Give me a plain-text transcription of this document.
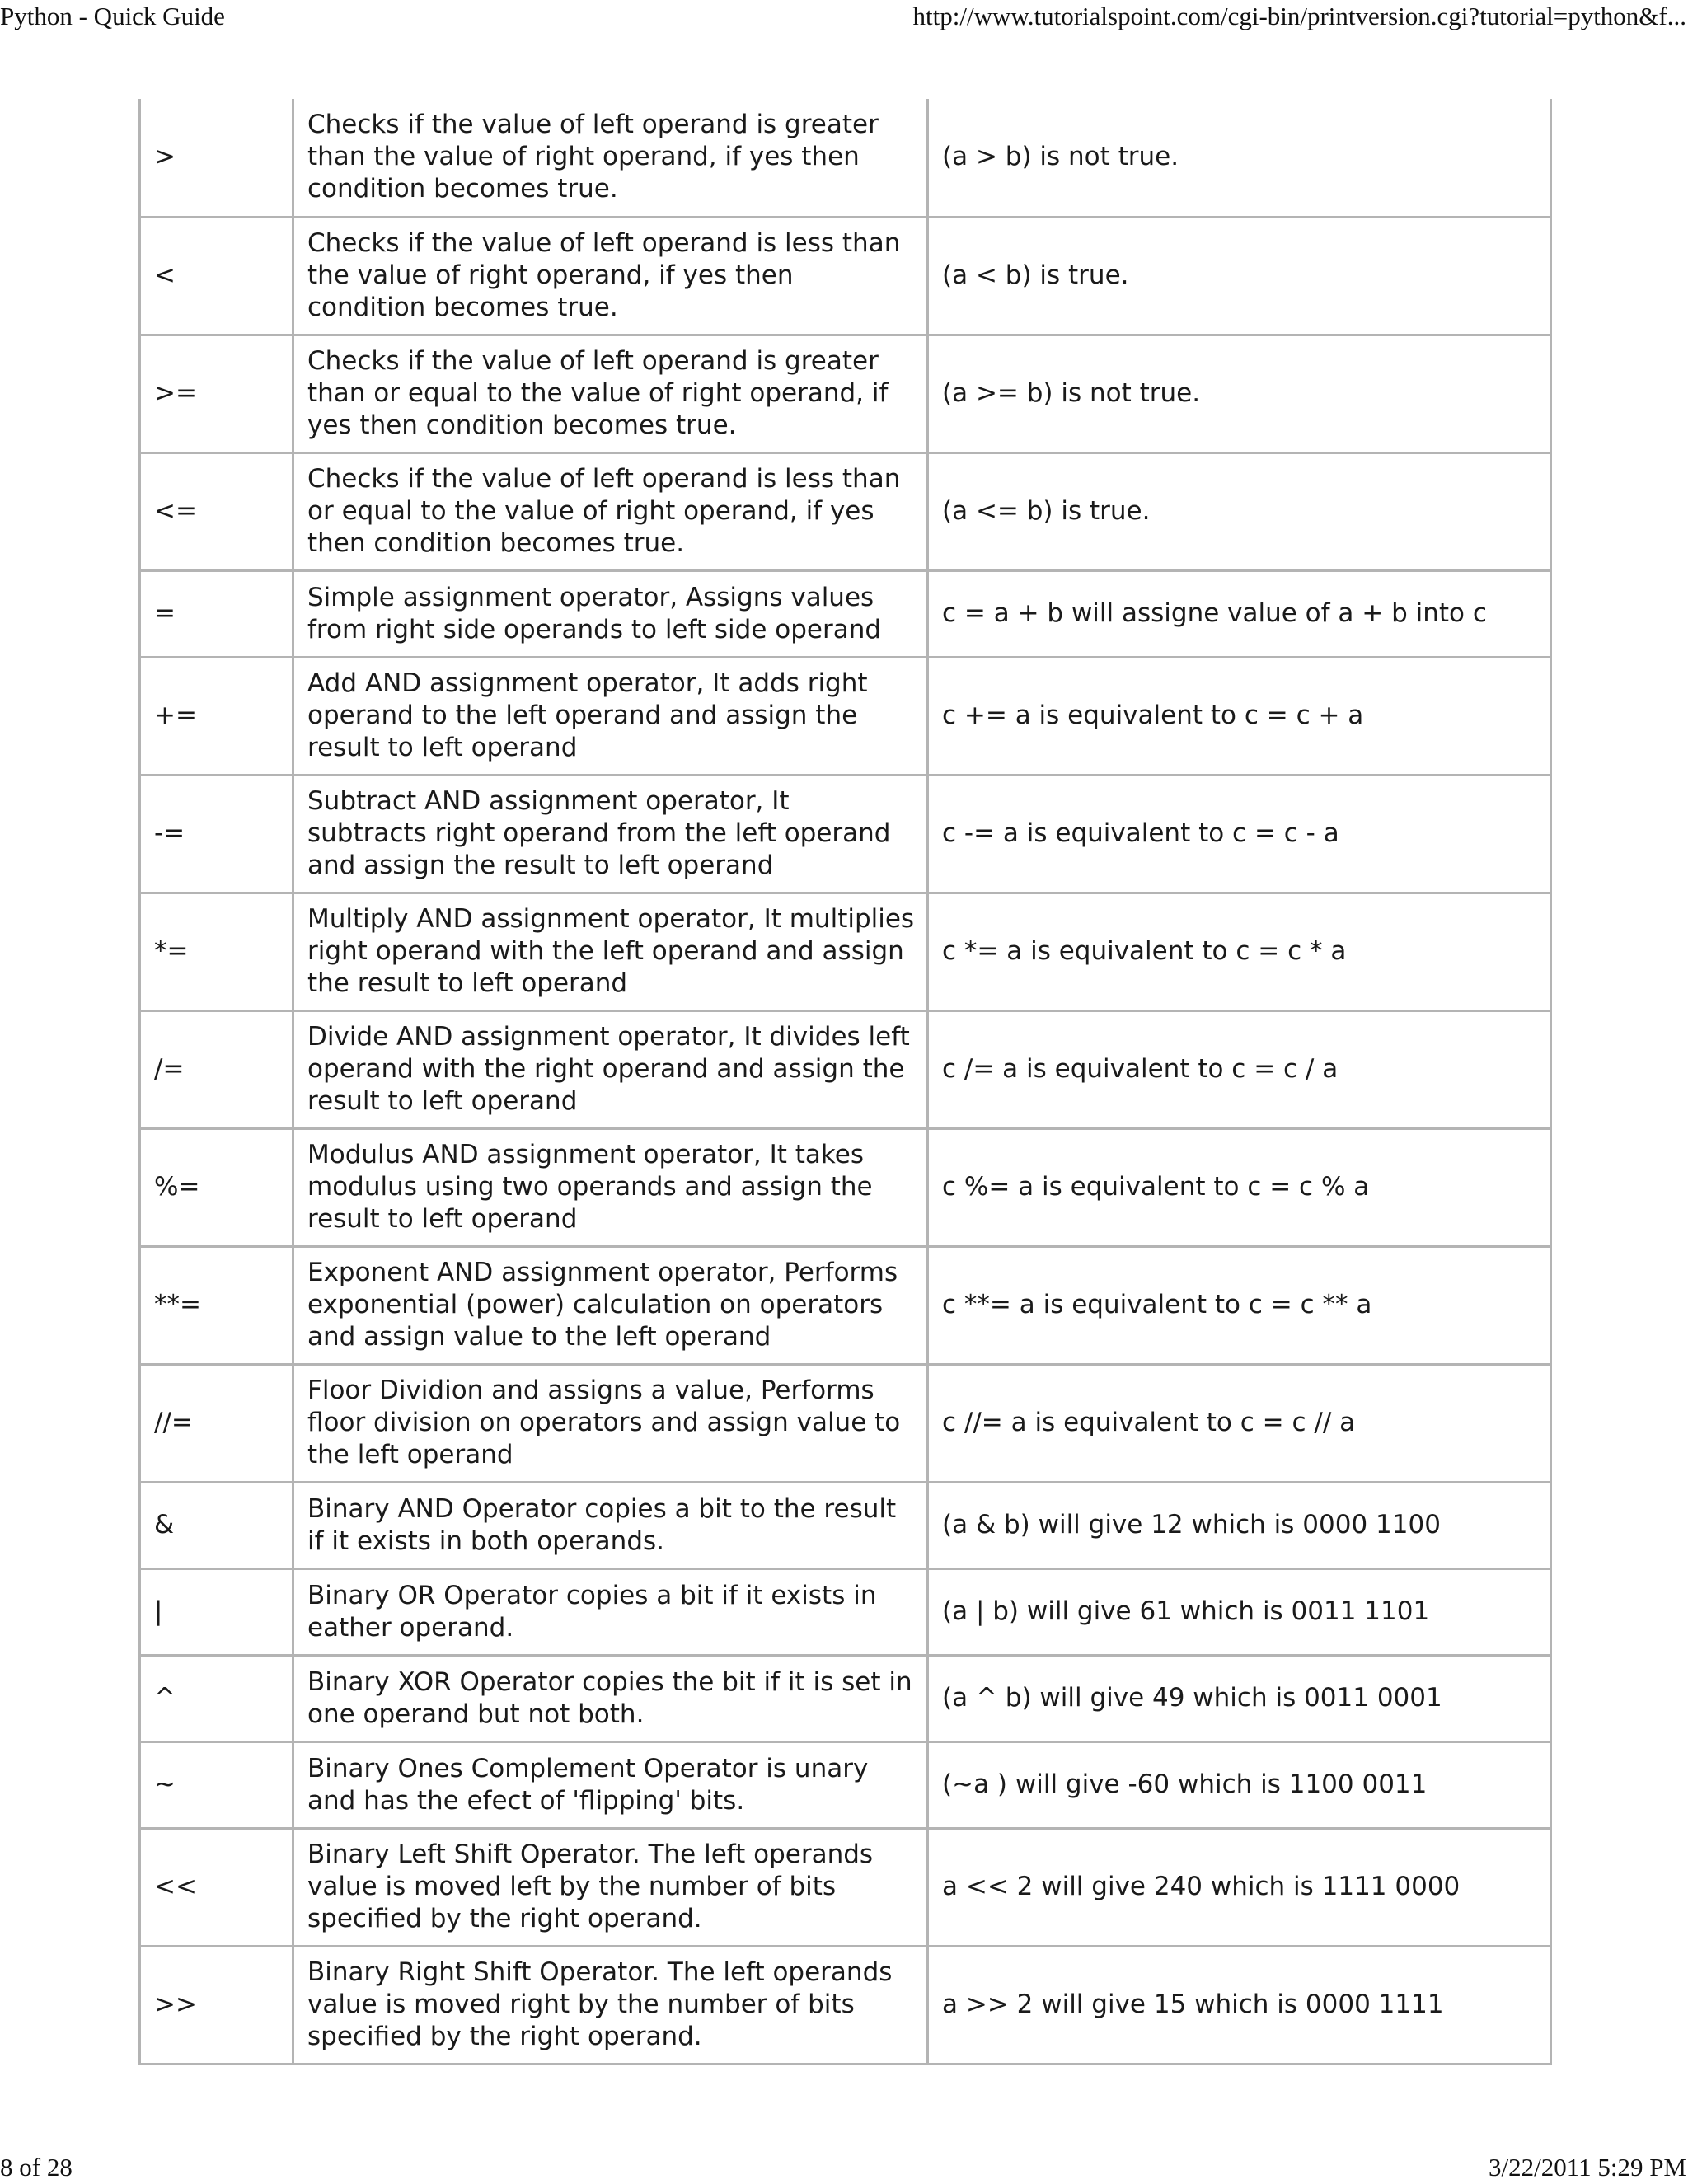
Python - Quick Guide	http://www.tutorialspoint.com/cgi-bin/printversion.cgi?tutorial=python&f...
>	Checks if the value of left operand is greater than the value of right operand, if yes then condition becomes true.	(a > b) is not true.
<	Checks if the value of left operand is less than the value of right operand, if yes then condition becomes true.	(a < b) is true.
>=	Checks if the value of left operand is greater than or equal to the value of right operand, if yes then condition becomes true.	(a >= b) is not true.
<=	Checks if the value of left operand is less than or equal to the value of right operand, if yes then condition becomes true.	(a <= b) is true.
=	Simple assignment operator, Assigns values from right side operands to left side operand	c = a + b will assigne value of a + b into c
+=	Add AND assignment operator, It adds right operand to the left operand and assign the result to left operand	c += a is equivalent to c = c + a
-=	Subtract AND assignment operator, It subtracts right operand from the left operand and assign the result to left operand	c -= a is equivalent to c = c - a
*=	Multiply AND assignment operator, It multiplies right operand with the left operand and assign the result to left operand	c *= a is equivalent to c = c * a
/=	Divide AND assignment operator, It divides left operand with the right operand and assign the result to left operand	c /= a is equivalent to c = c / a
%=	Modulus AND assignment operator, It takes modulus using two operands and assign the result to left operand	c %= a is equivalent to c = c % a
**=	Exponent AND assignment operator, Performs exponential (power) calculation on operators and assign value to the left operand	c **= a is equivalent to c = c ** a
//=	Floor Dividion and assigns a value, Performs floor division on operators and assign value to the left operand	c //= a is equivalent to c = c // a
&	Binary AND Operator copies a bit to the result if it exists in both operands.	(a & b) will give 12 which is 0000 1100
|	Binary OR Operator copies a bit if it exists in eather operand.	(a | b) will give 61 which is 0011 1101
^	Binary XOR Operator copies the bit if it is set in one operand but not both.	(a ^ b) will give 49 which is 0011 0001
~	Binary Ones Complement Operator is unary and has the efect of 'flipping' bits.	(~a ) will give -60 which is 1100 0011
<<	Binary Left Shift Operator. The left operands value is moved left by the number of bits specified by the right operand.	a << 2 will give 240 which is 1111 0000
>>	Binary Right Shift Operator. The left operands value is moved right by the number of bits specified by the right operand.	a >> 2 will give 15 which is 0000 1111
8 of 28	3/22/2011 5:29 PM
